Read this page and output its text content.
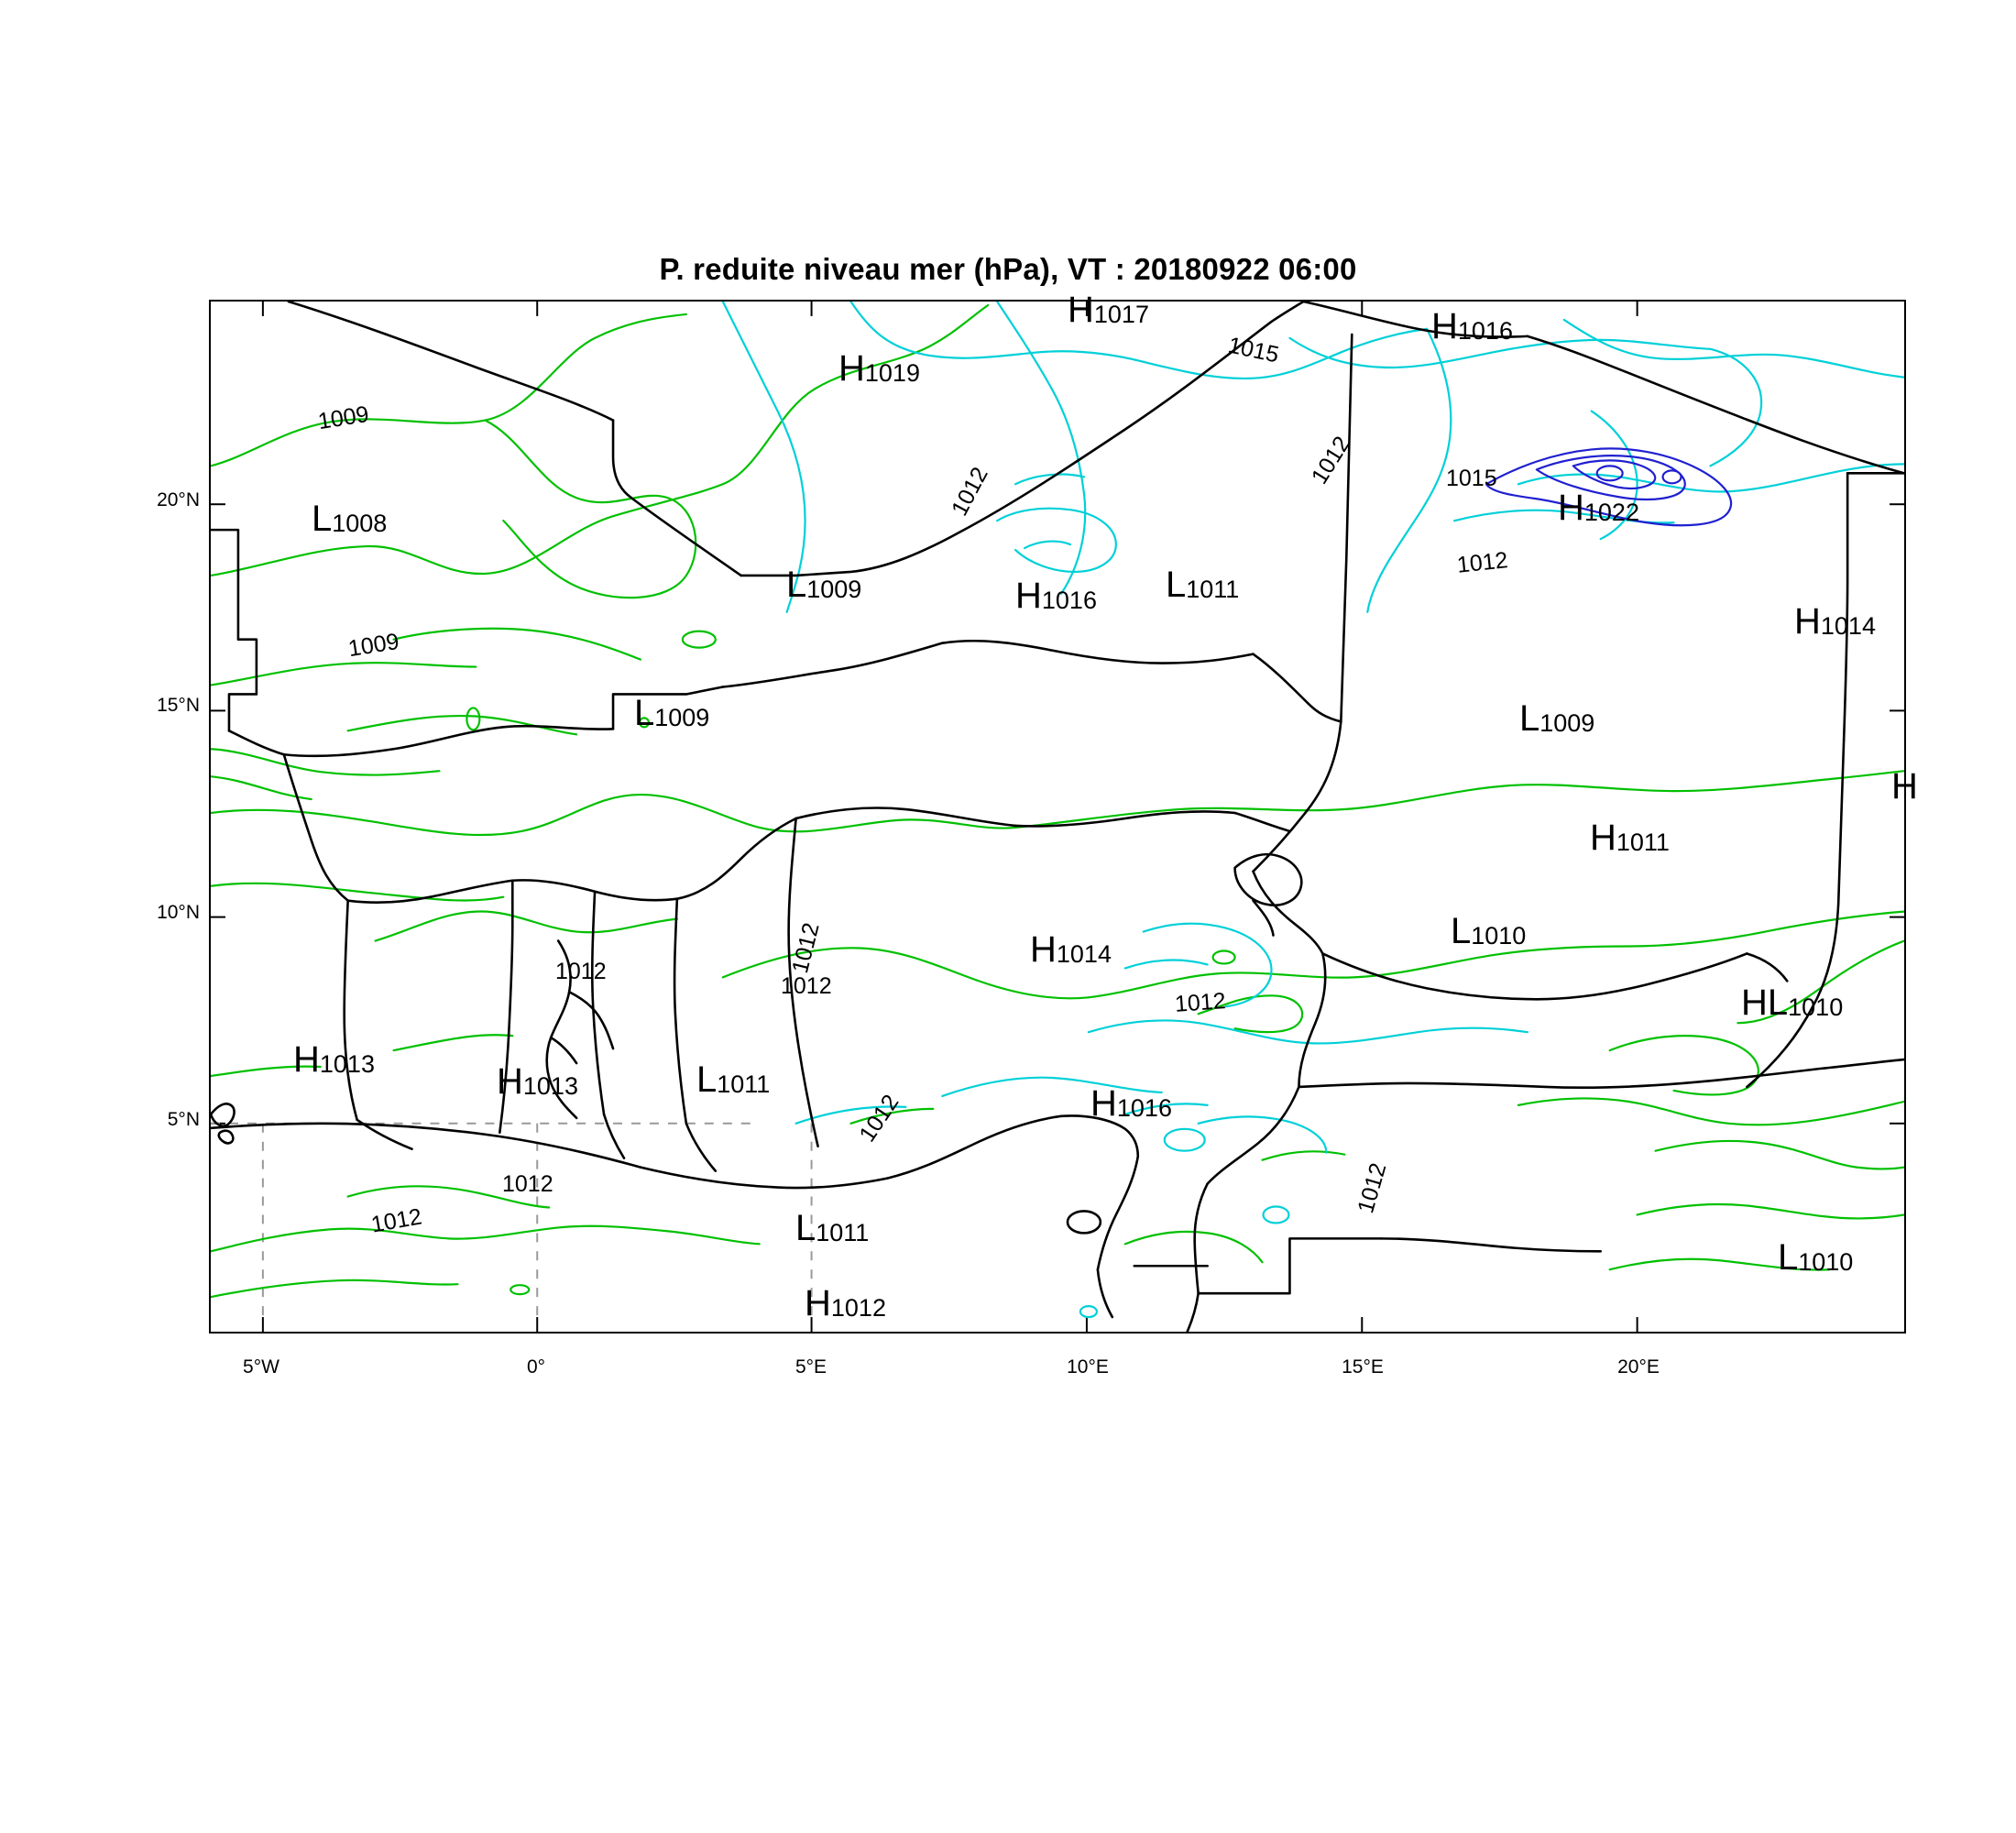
P. reduite niveau mer (hPa), VT : 20180922 06:00
20°N
15°N
10°N
5°N
5°W	0°	5°E	10°E	15°E	20°E
1009
1009
1012
1015
1012	1015
1012
1012
1012
1012
1012
1012
1012
1012
1012
H1017
H1019
H1016
L1008	H1022
L1009	H1016 L1011
H1014
L1009	L1009
H
H1011
L1010
H1014
HL1010
H1013	H1013	L1011	H1016
L1011
L1010
H1012
